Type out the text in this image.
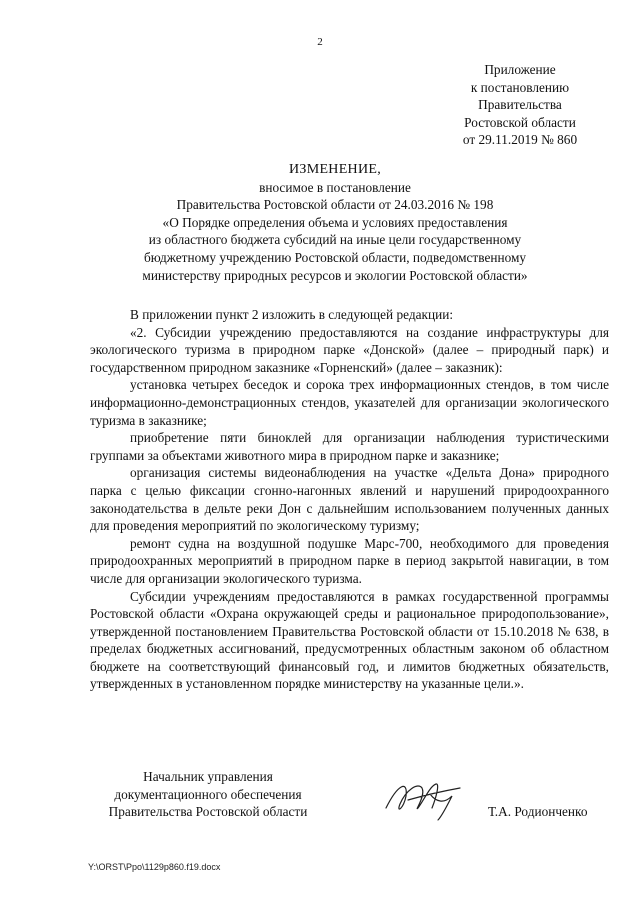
2
Приложение
к постановлению
Правительства
Ростовской области
от 29.11.2019 № 860
ИЗМЕНЕНИЕ,
вносимое в постановление
Правительства Ростовской области от 24.03.2016 № 198
«О Порядке определения объема и условиях предоставления
из областного бюджета субсидий на иные цели государственному
бюджетному учреждению Ростовской области, подведомственному
министерству природных ресурсов и экологии Ростовской области»

В приложении пункт 2 изложить в следующей редакции:

«2. Субсидии учреждению предоставляются на создание инфраструктуры для экологического туризма в природном парке «Донской» (далее – природный парк) и государственном природном заказнике «Горненский» (далее – заказник):

установка четырех беседок и сорока трех информационных стендов, в том числе информационно-демонстрационных стендов, указателей для организации экологического туризма в заказнике;

приобретение пяти биноклей для организации наблюдения туристическими группами за объектами животного мира в природном парке и заказнике;

организация системы видеонаблюдения на участке «Дельта Дона» природного парка с целью фиксации сгонно-нагонных явлений и нарушений природоохранного законодательства в дельте реки Дон с дальнейшим использованием полученных данных для проведения мероприятий по экологическому туризму;

ремонт судна на воздушной подушке Марс-700, необходимого для проведения природоохранных мероприятий в природном парке в период закрытой навигации, в том числе для организации экологического туризма.

Субсидии учреждениям предоставляются в рамках государственной программы Ростовской области «Охрана окружающей среды и рациональное природопользование», утвержденной постановлением Правительства Ростовской области от 15.10.2018 № 638, в пределах бюджетных ассигнований, предусмотренных областным законом об областном бюджете на соответствующий финансовый год, и лимитов бюджетных обязательств, утвержденных в установленном порядке министерству на указанные цели.».

Начальник управления
документационного обеспечения
Правительства Ростовской области	Т.А. Родионченко
Y:\ORST\Ppo\1129p860.f19.docx
